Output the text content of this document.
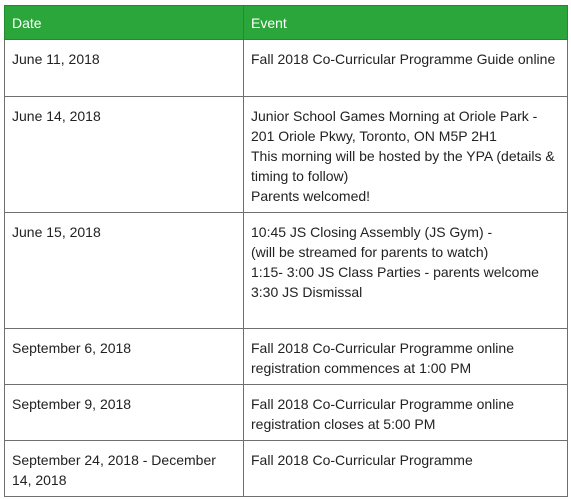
Date	Event
June 11, 2018	Fall 2018 Co-Curricular Programme Guide online

June 14, 2018	Junior School Games Morning at Oriole Park - 201 Oriole Pkwy, Toronto, ON M5P 2H1
This morning will be hosted by the YPA (details & timing to follow)
Parents welcomed!

June 15, 2018	10:45 JS Closing Assembly (JS Gym) -
(will be streamed for parents to watch)
1:15- 3:00 JS Class Parties - parents welcome
3:30 JS Dismissal

September 6, 2018	Fall 2018 Co-Curricular Programme online registration commences at 1:00 PM

September 9, 2018	Fall 2018 Co-Curricular Programme online registration closes at 5:00 PM

September 24, 2018 - December 14, 2018	Fall 2018 Co-Curricular Programme
